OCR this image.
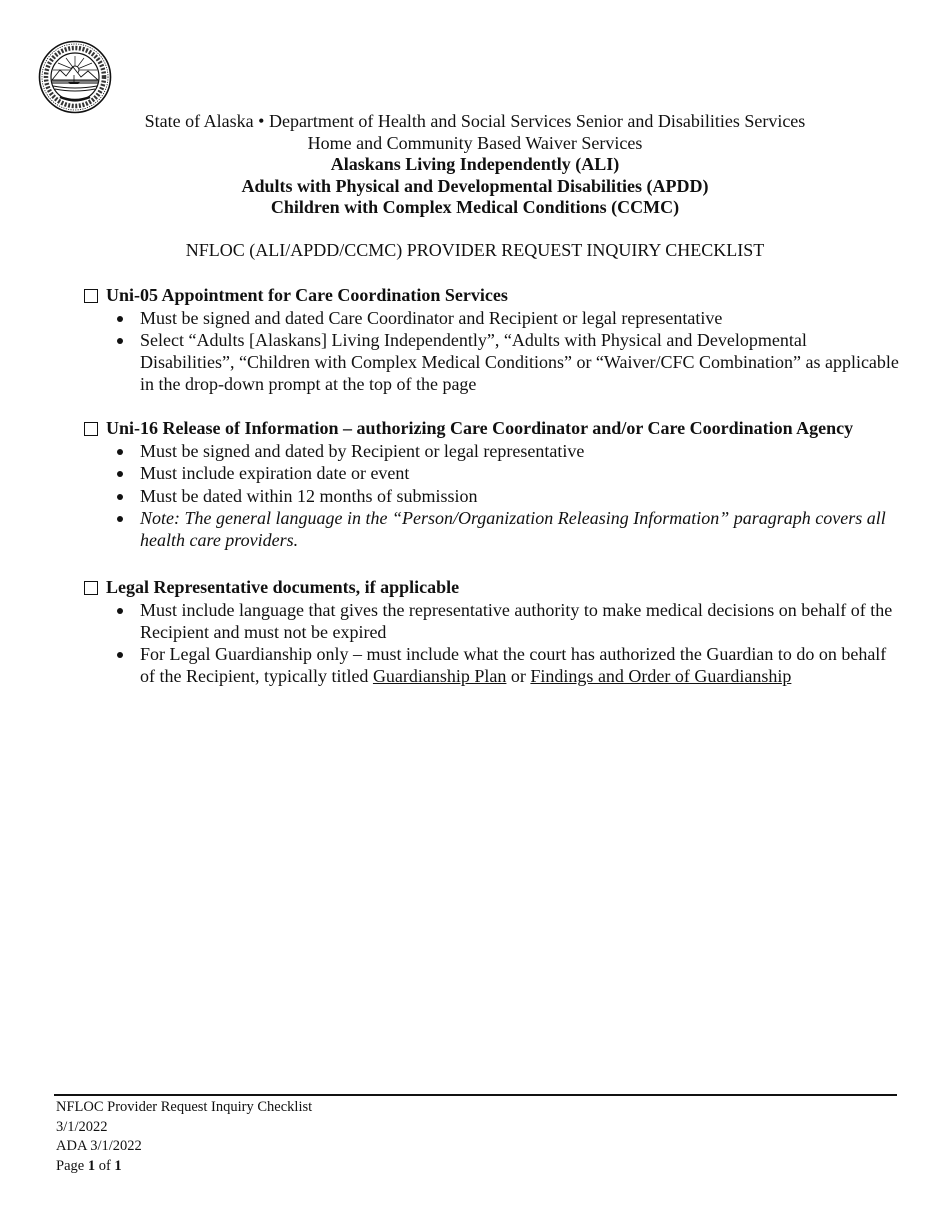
State of Alaska • Department of Health and Social Services Senior and Disabilities Services
Home and Community Based Waiver Services
Alaskans Living Independently (ALI)
Adults with Physical and Developmental Disabilities (APDD)
Children with Complex Medical Conditions (CCMC)
NFLOC (ALI/APDD/CCMC) PROVIDER REQUEST INQUIRY CHECKLIST
Uni-05 Appointment for Care Coordination Services
Must be signed and dated Care Coordinator and Recipient or legal representative
Select “Adults [Alaskans] Living Independently”, “Adults with Physical and Developmental Disabilities”, “Children with Complex Medical Conditions” or “Waiver/CFC Combination” as applicable in the drop-down prompt at the top of the page
Uni-16 Release of Information – authorizing Care Coordinator and/or Care Coordination Agency
Must be signed and dated by Recipient or legal representative
Must include expiration date or event
Must be dated within 12 months of submission
Note: The general language in the “Person/Organization Releasing Information” paragraph covers all health care providers.
Legal Representative documents, if applicable
Must include language that gives the representative authority to make medical decisions on behalf of the Recipient and must not be expired
For Legal Guardianship only – must include what the court has authorized the Guardian to do on behalf of the Recipient, typically titled Guardianship Plan or Findings and Order of Guardianship
NFLOC Provider Request Inquiry Checklist
3/1/2022
ADA 3/1/2022
Page 1 of 1
